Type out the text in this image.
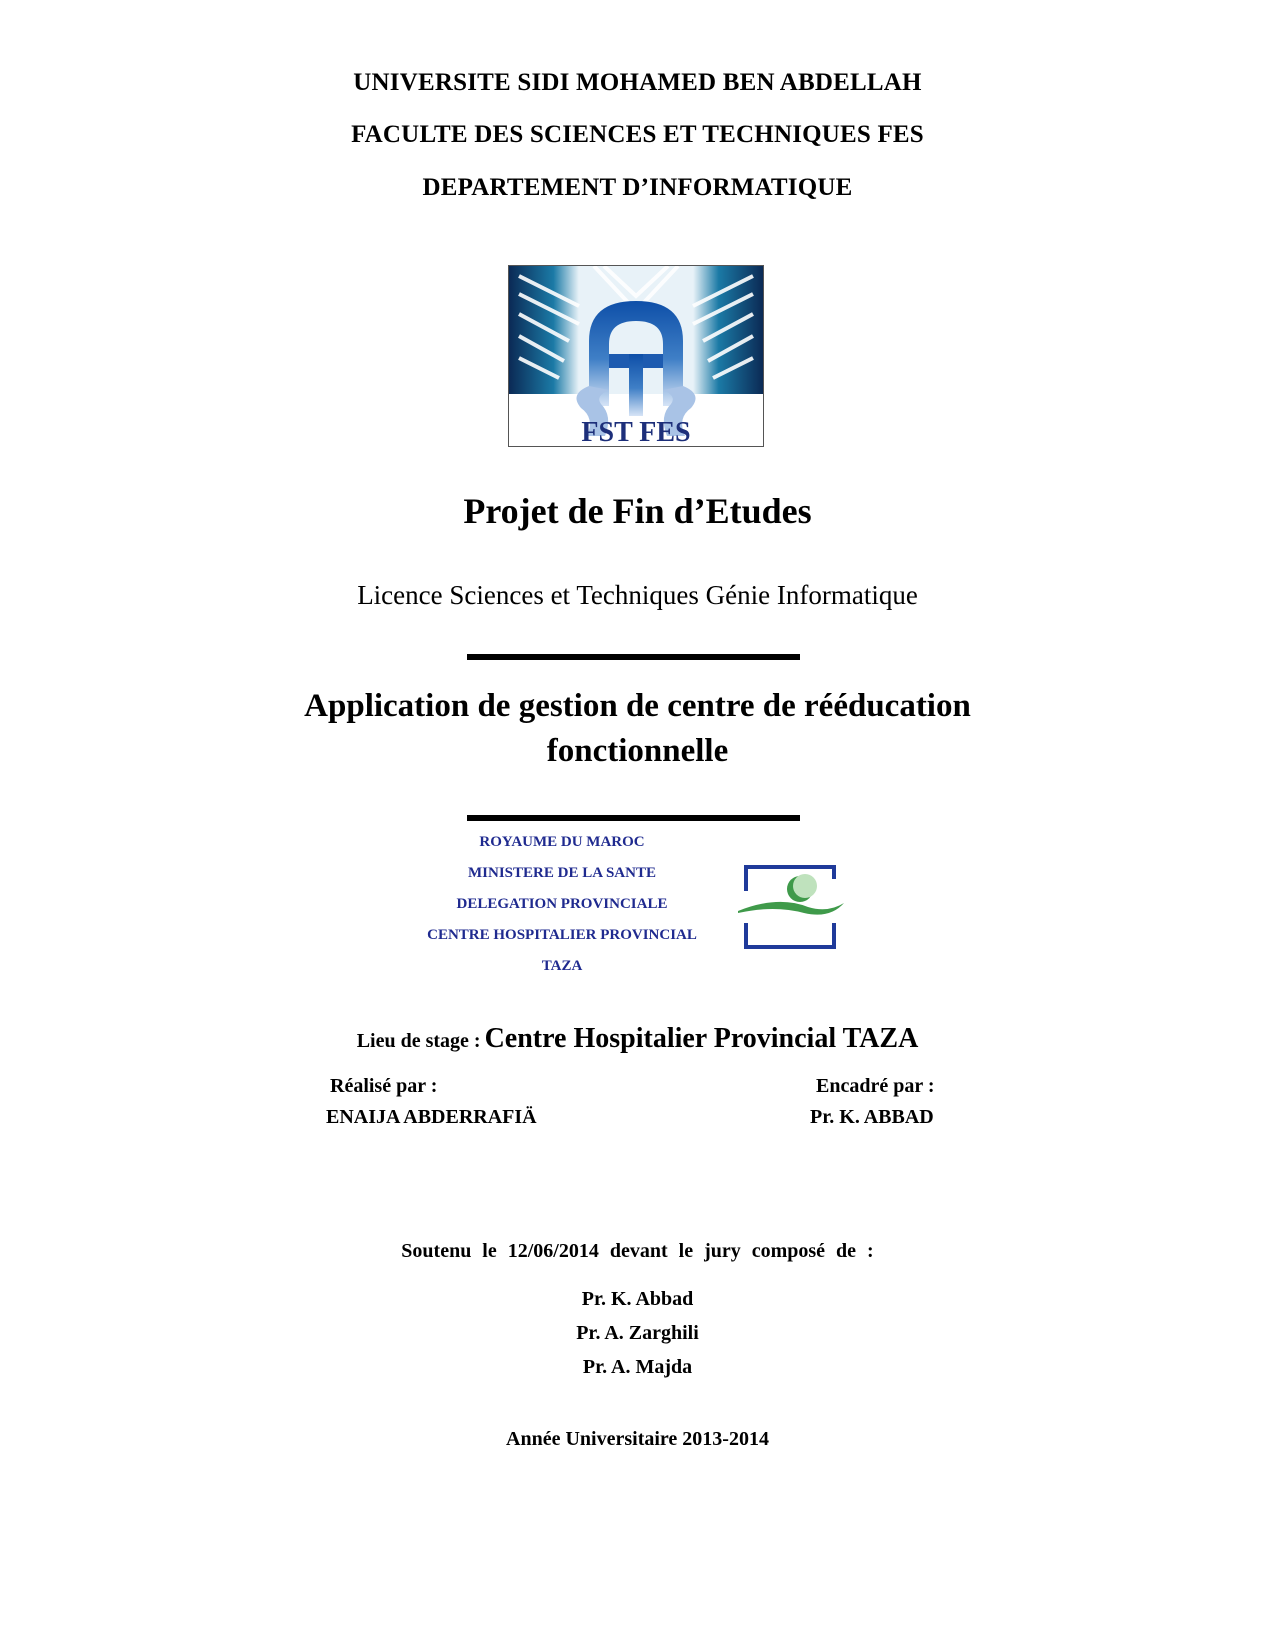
UNIVERSITE SIDI MOHAMED BEN ABDELLAH
FACULTE DES SCIENCES ET TECHNIQUES FES
DEPARTEMENT D’INFORMATIQUE
FST FES
Projet de Fin d’Etudes
Licence Sciences et Techniques Génie Informatique
Application de gestion de centre de rééducation
fonctionnelle
ROYAUME DU MAROC
MINISTERE DE LA SANTE
DELEGATION PROVINCIALE
CENTRE HOSPITALIER PROVINCIAL
TAZA
Lieu de stage : Centre Hospitalier Provincial TAZA
Réalisé par :
ENAIJA ABDERRAFIÄ
Encadré par :
Pr. K. ABBAD
Soutenu le 12/06/2014 devant le jury composé de :
Pr. K. Abbad
Pr. A. Zarghili
Pr. A. Majda
Année Universitaire 2013-2014
